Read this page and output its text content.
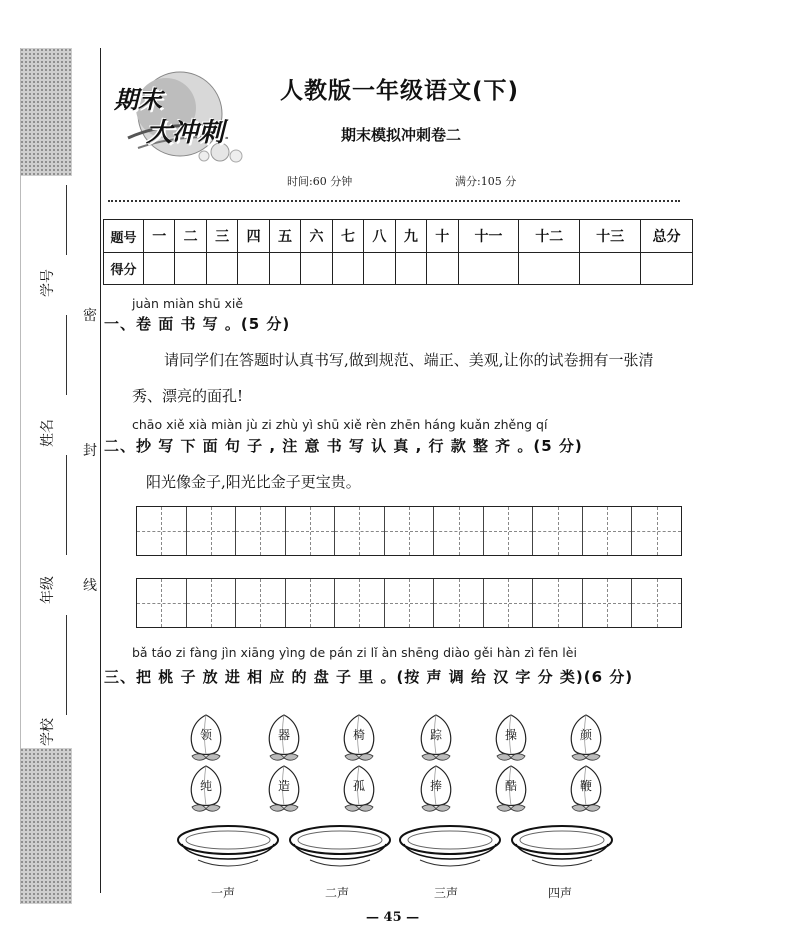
学号
姓名
年级
学校
密
封
线
期末
大冲刺
人教版一年级语文(下)
期末模拟冲刺卷二
时间:60 分钟	满分:105 分
题号	一	二	三	四	五	六	七	八	九	十	十一	十二	十三	总分
得分														
juàn miàn shū xiě
一、卷 面 书 写 。(5 分)
请同学们在答题时认真书写,做到规范、端正、美观,让你的试卷拥有一张清
秀、漂亮的面孔!
chāo xiě xià miàn jù zi zhù yì shū xiě rèn zhēn háng kuǎn zhěng qí
二、抄 写 下 面 句 子 , 注 意 书 写 认 真 , 行 款 整 齐 。(5 分)
阳光像金子,阳光比金子更宝贵。
bǎ táo zi fàng jìn xiāng yìng de pán zi lǐ àn shēng diào gěi hàn zì fēn lèi
三、把 桃 子 放 进 相 应 的 盘 子 里 。(按 声 调 给 汉 字 分 类)(6 分)
领	器	椅	踪	操	颜
纯	造	孤	捧	酷	鞭
一声	二声	三声	四声
— 45 —
